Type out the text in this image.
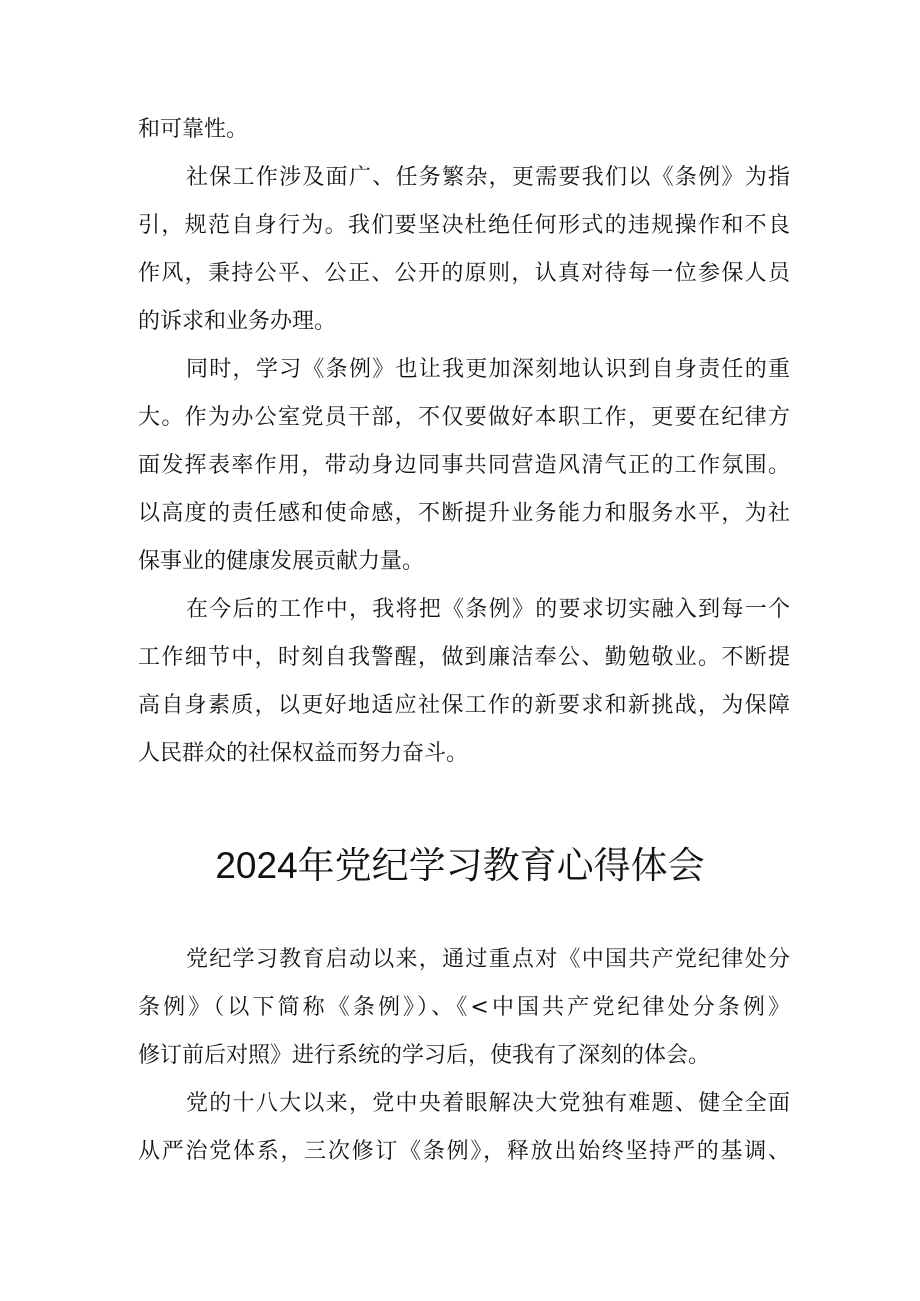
和可靠性。
社保工作涉及面广、任务繁杂，更需要我们以《条例》为指
引，规范自身行为。我们要坚决杜绝任何形式的违规操作和不良
作风，秉持公平、公正、公开的原则，认真对待每一位参保人员
的诉求和业务办理。
同时，学习《条例》也让我更加深刻地认识到自身责任的重
大。作为办公室党员干部，不仅要做好本职工作，更要在纪律方
面发挥表率作用，带动身边同事共同营造风清气正的工作氛围。
以高度的责任感和使命感，不断提升业务能力和服务水平，为社
保事业的健康发展贡献力量。
在今后的工作中，我将把《条例》的要求切实融入到每一个
工作细节中，时刻自我警醒，做到廉洁奉公、勤勉敬业。不断提
高自身素质，以更好地适应社保工作的新要求和新挑战，为保障
人民群众的社保权益而努力奋斗。
2024年党纪学习教育心得体会
党纪学习教育启动以来，通过重点对《中国共产党纪律处分
条例》（以下简称《条例》）、《<中国共产党纪律处分条例》
修订前后对照》进行系统的学习后，使我有了深刻的体会。
党的十八大以来，党中央着眼解决大党独有难题、健全全面
从严治党体系，三次修订《条例》，释放出始终坚持严的基调、
